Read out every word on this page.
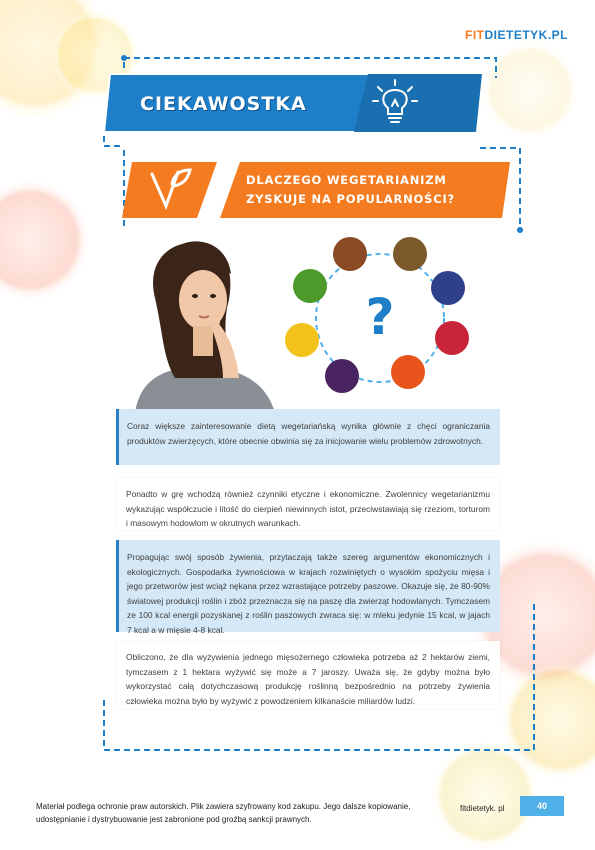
FITDIETETYK.PL
CIEKAWOSTKA
DLACZEGO WEGETARIANIZM
ZYSKUJE NA POPULARNOŚCI?
?
Coraz większe zainteresowanie dietą wegetariańską wynika głównie z chęci ograniczania produktów zwierzęcych, które obecnie obwinia się za inicjowanie wielu problemów zdrowotnych.
Ponadto w grę wchodzą również czynniki etyczne i ekonomiczne. Zwolennicy wegetarianizmu wykazując współczucie i litość do cierpień niewinnych istot, przeciwstawiają się rzeziom, torturom i masowym hodowlom w okrutnych warunkach.
Propagując swój sposób żywienia, przytaczają także szereg argumentów ekonomicznych i ekologicznych. Gospodarka żywnościowa w krajach rozwiniętych o wysokim spożyciu mięsa i jego przetworów jest wciąż nękana przez wzrastające potrzeby paszowe. Okazuje się, że 80-90% światowej produkcji roślin i zbóż przeznacza się na paszę dla zwierząt hodowlanych. Tymczasem ze 100 kcal energii pozyskanej z roślin paszowych zwraca się: w mleku jedynie 15 kcal, w jajach 7 kcal a w mięsie 4-8 kcal.
Obliczono, że dla wyżywienia jednego mięsożernego człowieka potrzeba aż 2 hektarów ziemi, tymczasem z 1 hektara wyżywić się może a 7 jaroszy. Uważa się, że gdyby można było wykorzystać całą dotychczasową produkcję roślinną bezpośrednio na potrzeby żywienia człowieka można było by wyżywić z powodzeniem kilkanaście miliardów ludzi.
Materiał podlega ochronie praw autorskich. Plik zawiera szyfrowany kod zakupu. Jego dalsze kopiowanie, udostępnianie i dystrybuowanie jest zabronione pod groźbą sankcji prawnych.
fitdietetyk. pl	40
